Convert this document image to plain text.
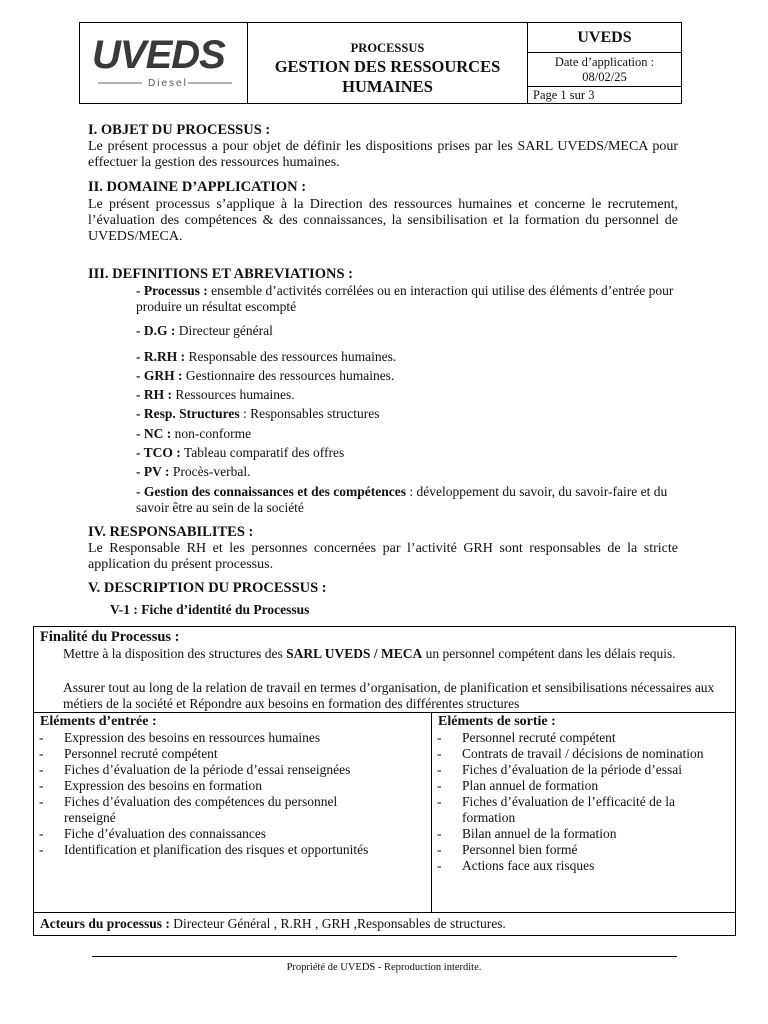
UVEDS
Diesel
PROCESSUS
GESTION DES RESSOURCES
HUMAINES
UVEDS
Date d’application :
08/02/25
Page 1 sur 3
I. OBJET DU PROCESSUS :
Le présent processus a pour objet de définir les dispositions prises par les SARL UVEDS/MECA pour effectuer la gestion des ressources humaines.
II. DOMAINE D’APPLICATION :
Le présent processus s’applique à la Direction des ressources humaines et concerne le recrutement, l’évaluation des compétences & des connaissances, la sensibilisation et la formation du personnel de UVEDS/MECA.
III. DEFINITIONS ET ABREVIATIONS :
- Processus : ensemble d’activités corrélées ou en interaction qui utilise des éléments d’entrée pour produire un résultat escompté
- D.G : Directeur général
- R.RH : Responsable des ressources humaines.
- GRH : Gestionnaire des ressources humaines.
- RH : Ressources humaines.
- Resp. Structures : Responsables structures
- NC : non-conforme
- TCO : Tableau comparatif des offres
- PV : Procès-verbal.
- Gestion des connaissances et des compétences : développement du savoir, du savoir-faire et du savoir être au sein de la société
IV. RESPONSABILITES :
Le Responsable RH et les personnes concernées par l’activité GRH sont responsables de la stricte application du présent processus.
V. DESCRIPTION DU PROCESSUS :
V-1 : Fiche d’identité du Processus
Finalité du Processus :
Mettre à la disposition des structures des SARL UVEDS / MECA un personnel compétent dans les délais requis.
Assurer tout au long de la relation de travail en termes d’organisation, de planification et sensibilisations nécessaires aux métiers de la société et Répondre aux besoins en formation des différentes structures
Eléments d’entrée :
- Expression des besoins en ressources humaines
- Personnel recruté compétent
- Fiches d’évaluation de la période d’essai renseignées
- Expression des besoins en formation
- Fiches d’évaluation des compétences du personnel renseigné
- Fiche d’évaluation des connaissances
- Identification et planification des risques et opportunités
Eléments de sortie :
- Personnel recruté compétent
- Contrats de travail / décisions de nomination
- Fiches d’évaluation de la période d’essai
- Plan annuel de formation
- Fiches d’évaluation de l’efficacité de la formation
- Bilan annuel de la formation
- Personnel bien formé
- Actions face aux risques
Acteurs du processus : Directeur Général , R.RH , GRH ,Responsables de structures.
Propriété de UVEDS - Reproduction interdite.
